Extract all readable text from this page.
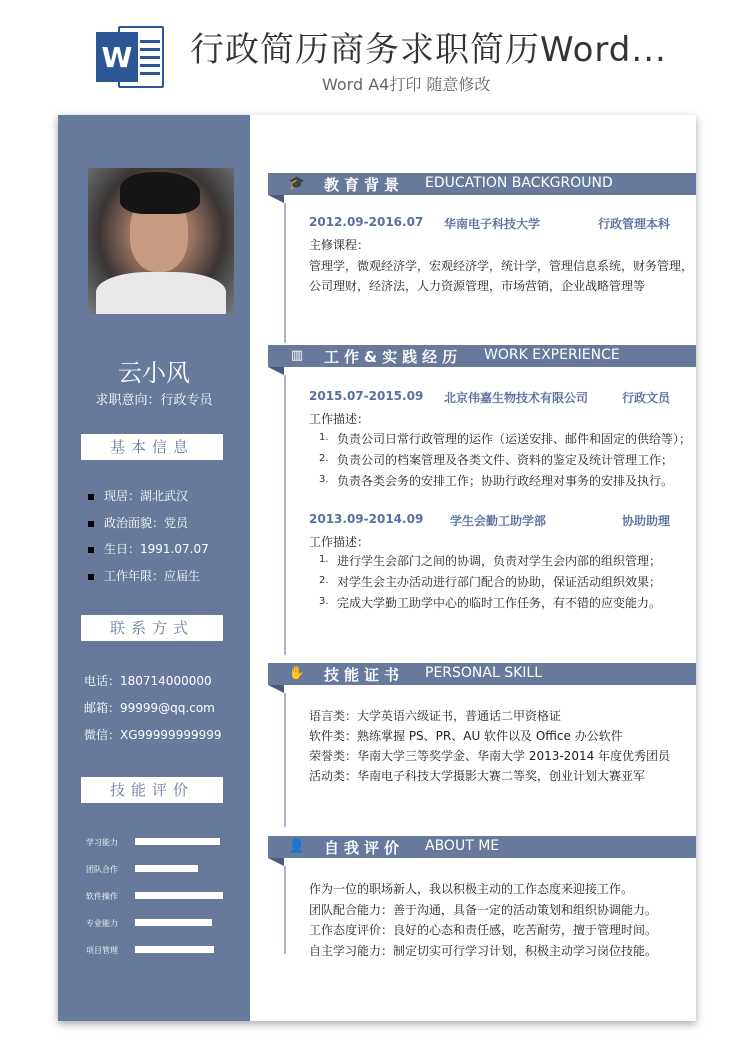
W 行政简历商务求职简历Word...
Word A4打印 随意修改
云小风
求职意向：行政专员
基本信息
现居：湖北武汉
政治面貌：党员
生日：1991.07.07
工作年限：应届生
联系方式
电话：180714000000
邮箱：99999@qq.com
微信：XG99999999999
技能评价
学习能力
团队合作
软件操作
专业能力
项目管理
🎓 教育背景 EDUCATION BACKGROUND
2012.09-2016.07 华南电子科技大学	行政管理本科
主修课程：
管理学，微观经济学，宏观经济学，统计学，管理信息系统，财务管理，
公司理财，经济法，人力资源管理，市场营销，企业战略管理等
▥ 工作&实践经历 WORK EXPERIENCE
2015.07-2015.09 北京伟嘉生物技术有限公司	行政文员
工作描述：
1. 负责公司日常行政管理的运作（运送安排、邮件和固定的供给等）；
2. 负责公司的档案管理及各类文件、资料的鉴定及统计管理工作；
3. 负责各类会务的安排工作；协助行政经理对事务的安排及执行。
2013.09-2014.09 学生会勤工助学部	协助助理
工作描述：
1. 进行学生会部门之间的协调，负责对学生会内部的组织管理；
2. 对学生会主办活动进行部门配合的协助，保证活动组织效果；
3. 完成大学勤工助学中心的临时工作任务，有不错的应变能力。
✋ 技能证书 PERSONAL SKILL
语言类：大学英语六级证书，普通话二甲资格证
软件类：熟练掌握 PS、PR、AU 软件以及 Office 办公软件
荣誉类：华南大学三等奖学金、华南大学 2013-2014 年度优秀团员
活动类：华南电子科技大学摄影大赛二等奖，创业计划大赛亚军
👤 自我评价 ABOUT ME
作为一位的职场新人，我以积极主动的工作态度来迎接工作。
团队配合能力：善于沟通，具备一定的活动策划和组织协调能力。
工作态度评价：良好的心态和责任感，吃苦耐劳，擅于管理时间。
自主学习能力：制定切实可行学习计划，积极主动学习岗位技能。
